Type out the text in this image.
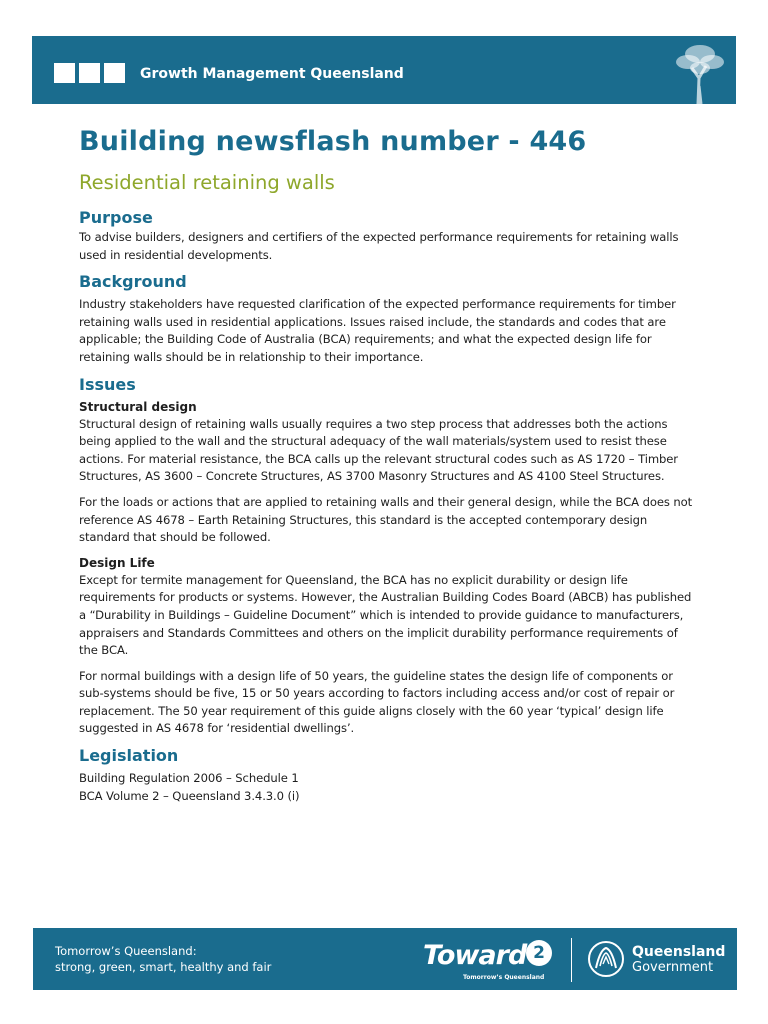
Growth Management Queensland
Building newsflash number - 446
Residential retaining walls
Purpose

To advise builders, designers and certifiers of the expected performance requirements for retaining walls used in residential developments.

Background

Industry stakeholders have requested clarification of the expected performance requirements for timber retaining walls used in residential applications. Issues raised include, the standards and codes that are applicable; the Building Code of Australia (BCA) requirements; and what the expected design life for retaining walls should be in relationship to their importance.

Issues
Structural design

Structural design of retaining walls usually requires a two step process that addresses both the actions being applied to the wall and the structural adequacy of the wall materials/system used to resist these actions. For material resistance, the BCA calls up the relevant structural codes such as AS 1720 – Timber Structures, AS 3600 – Concrete Structures, AS 3700 Masonry Structures and AS 4100 Steel Structures.

For the loads or actions that are applied to retaining walls and their general design, while the BCA does not reference AS 4678 – Earth Retaining Structures, this standard is the accepted contemporary design standard that should be followed.

Design Life

Except for termite management for Queensland, the BCA has no explicit durability or design life requirements for products or systems. However, the Australian Building Codes Board (ABCB) has published a “Durability in Buildings – Guideline Document” which is intended to provide guidance to manufacturers, appraisers and Standards Committees and others on the implicit durability performance requirements of the BCA.

For normal buildings with a design life of 50 years, the guideline states the design life of components or sub-systems should be five, 15 or 50 years according to factors including access and/or cost of repair or replacement. The 50 year requirement of this guide aligns closely with the 60 year ‘typical’ design life suggested in AS 4678 for ‘residential dwellings’.

Legislation

Building Regulation 2006 – Schedule 1

BCA Volume 2 – Queensland 3.4.3.0 (i)

Tomorrow’s Queensland:
strong, green, smart, healthy and fair	Toward 2
Tomorrow’s Queensland
Queensland
Government
